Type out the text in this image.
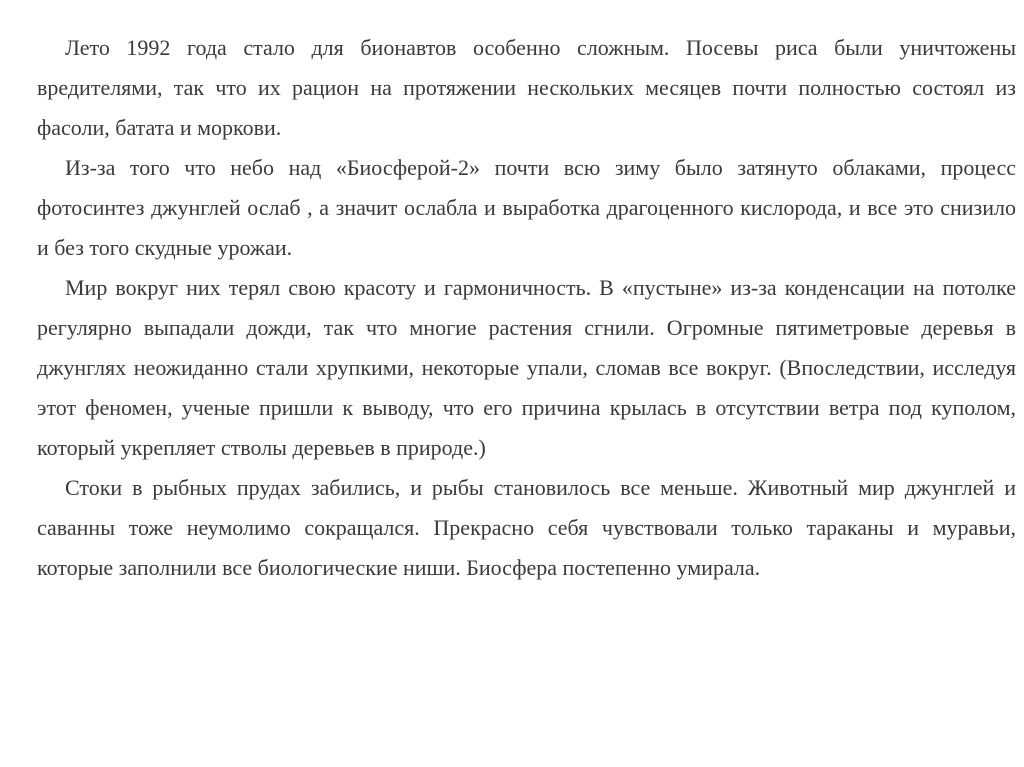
Лето 1992 года стало для бионавтов особенно сложным. Посевы риса были уничтожены вредителями, так что их рацион на протяжении нескольких месяцев почти полностью состоял из фасоли, батата и моркови.

Из-за того что небо над «Биосферой-2» почти всю зиму было затянуто облаками, процесс фотосинтез джунглей ослаб , а значит ослабла и выработка драгоценного кислорода, и все это снизило и без того скудные урожаи.

Мир вокруг них терял свою красоту и гармоничность. В «пустыне» из-за конденсации на потолке регулярно выпадали дожди, так что многие растения сгнили. Огромные пятиметровые деревья в джунглях неожиданно стали хрупкими, некоторые упали, сломав все вокруг. (Впоследствии, исследуя этот феномен, ученые пришли к выводу, что его причина крылась в отсутствии ветра под куполом, который укрепляет стволы деревьев в природе.)

Стоки в рыбных прудах забились, и рыбы становилось все меньше. Животный мир джунглей и саванны тоже неумолимо сокращался. Прекрасно себя чувствовали только тараканы и муравьи, которые заполнили все биологические ниши. Биосфера постепенно умирала.
